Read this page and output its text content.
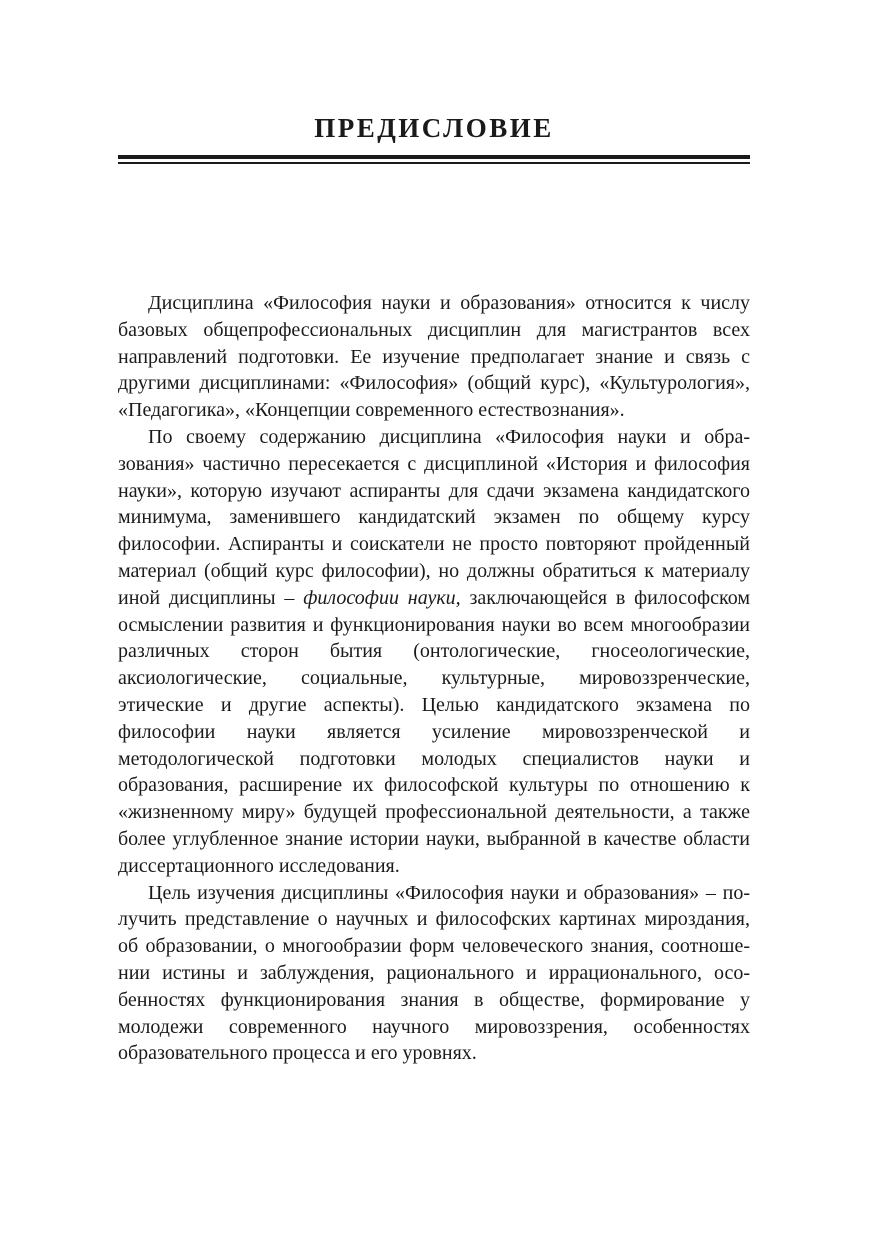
ПРЕДИСЛОВИЕ

Дисциплина «Философия науки и образования» относится к числу базовых общепрофессиональных дисциплин для магистрантов всех направлений подготовки. Ее изучение предполагает знание и связь с другими дисциплинами: «Философия» (общий курс), «Культурология», «Педагогика», «Концепции современного естествознания».

По своему содержанию дисциплина «Философия науки и образования» частично пересекается с дисциплиной «История и философия науки», которую изучают аспиранты для сдачи экзамена кандидатского минимума, заменившего кандидатский экзамен по общему курсу философии. Аспиранты и соискатели не просто повторяют пройденный материал (общий курс философии), но должны обратиться к материалу иной дисциплины – философии науки, заключающейся в философском осмыслении развития и функционирования науки во всем многообразии различных сторон бытия (онтологические, гносеологические, аксиологические, социальные, культурные, мировоззренческие, этические и другие аспекты). Целью кандидатского экзамена по философии науки является усиление мировоззренческой и методологической подготовки молодых специалистов науки и образования, расширение их философской культуры по отношению к «жизненному миру» будущей профессиональной деятельности, а также более углубленное знание истории науки, выбранной в качестве области диссертационного исследования.

Цель изучения дисциплины «Философия науки и образования» – получить представление о научных и философских картинах мироздания, об образовании, о многообразии форм человеческого знания, соотношении истины и заблуждения, рационального и иррационального, особенностях функционирования знания в обществе, формирование у молодежи современного научного мировоззрения, особенностях образовательного процесса и его уровнях.
